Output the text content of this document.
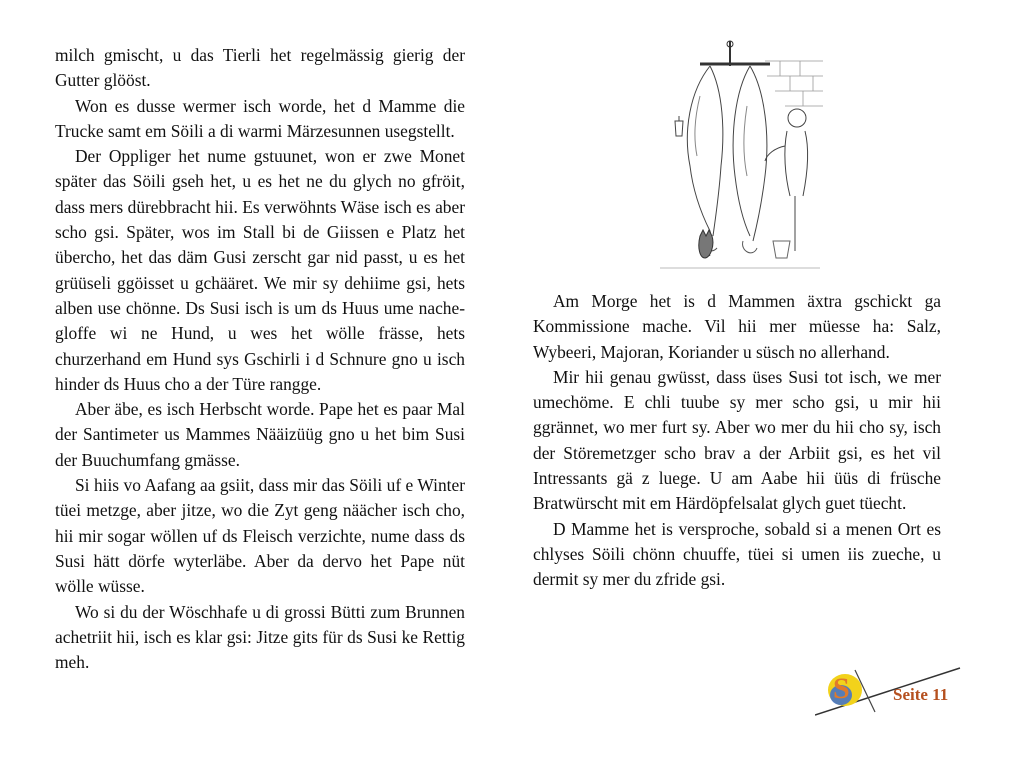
milch gmischt, u das Tierli het regelmässig gierig der Gutter glööst.

Won es dusse wermer isch worde, het d Mamme die Trucke samt em Söili a di warmi Märzesunnen usegstellt.

Der Oppliger het nume gstuunet, won er zwe Monet später das Söili gseh het, u es het ne du glych no gfröit, dass mers dürebbracht hii. Es verwöhnts Wäse isch es aber scho gsi. Später, wos im Stall bi de Giissen e Platz het übercho, het das däm Gusi zerscht gar nid passt, u es het grüüseli ggöisset u gchääret. We mir sy dehiime gsi, hets alben use chönne. Ds Susi isch is um ds Huus ume nachegloffe wi ne Hund, u wes het wölle frässe, hets churzerhand em Hund sys Gschirli i d Schnure gno u isch hinder ds Huus cho a der Türe rangge.

Aber äbe, es isch Herbscht worde. Pape het es paar Mal der Santimeter us Mammes Nääizüüg gno u het bim Susi der Buuchumfang gmässe.

Si hiis vo Aafang aa gsiit, dass mir das Söili uf e Winter tüei metzge, aber jitze, wo die Zyt geng näächer isch cho, hii mir sogar wöllen uf ds Fleisch verzichte, nume dass ds Susi hätt dörfe wyterläbe. Aber da dervo het Pape nüt wölle wüsse.

Wo si du der Wöschhafe u di grossi Bütti zum Brunnen achetriit hii, isch es klar gsi: Jitze gits für ds Susi ke Rettig meh.

Am Morge het is d Mammen äxtra gschickt ga Kommissione mache. Vil hii mer müesse ha: Salz, Wybeeri, Majoran, Koriander u süsch no allerhand.

Mir hii genau gwüsst, dass üses Susi tot isch, we mer umechöme. E chli tuube sy mer scho gsi, u mir hii ggrännet, wo mer furt sy. Aber wo mer du hii cho sy, isch der Störemetzger scho brav a der Arbiit gsi, es het vil Intressants gä z luege. U am Aabe hii üüs di früsche Bratwürscht mit em Härdöpfelsalat glych guet tüecht.

D Mamme het is versproche, sobald si a menen Ort es chlyses Söili chönn chuuffe, tüei si umen iis zueche, u dermit sy mer du zfride gsi.

S	Seite 11
